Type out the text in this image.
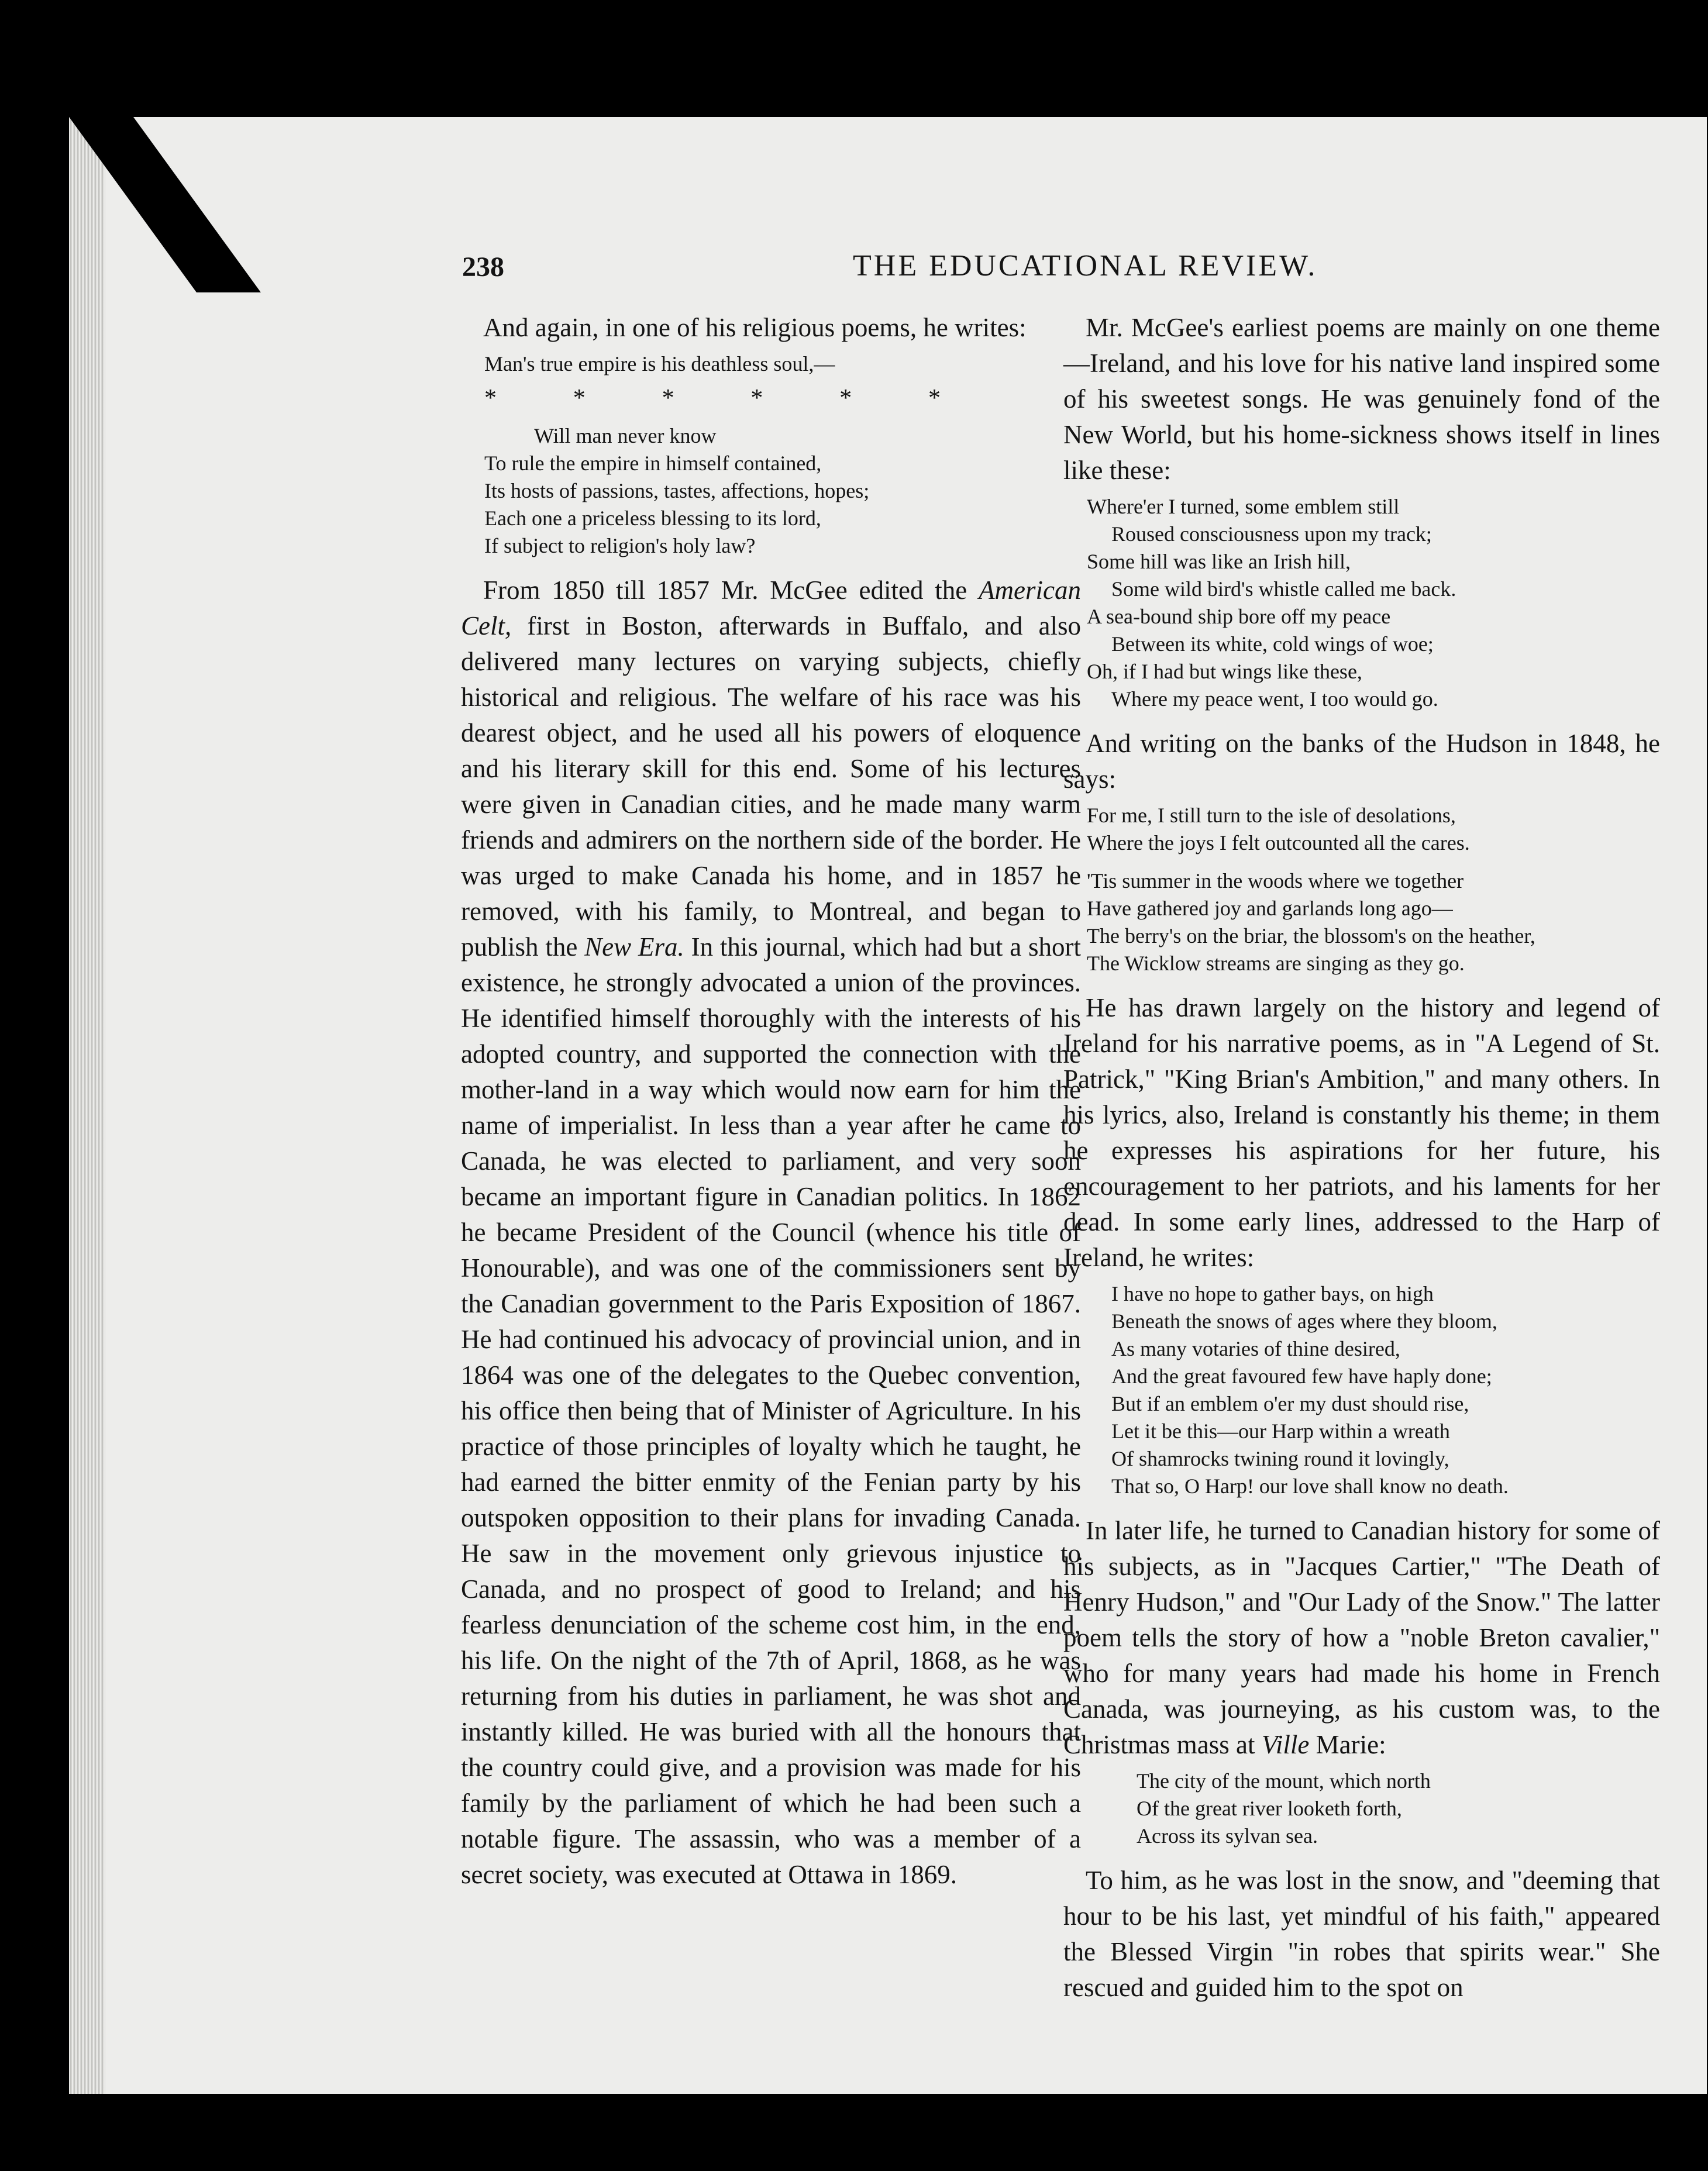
238	THE EDUCATIONAL REVIEW.

And again, in one of his religious poems, he writes:

Man's true empire is his deathless soul,—
*	*	*	*	*	*
Will man never know
To rule the empire in himself contained,
Its hosts of passions, tastes, affections, hopes;
Each one a priceless blessing to its lord,
If subject to religion's holy law?

From 1850 till 1857 Mr. McGee edited the American Celt, first in Boston, afterwards in Buffalo, and also delivered many lectures on varying subjects, chiefly historical and religious. The welfare of his race was his dearest object, and he used all his powers of eloquence and his literary skill for this end. Some of his lectures were given in Canadian cities, and he made many warm friends and admirers on the northern side of the border. He was urged to make Canada his home, and in 1857 he removed, with his family, to Montreal, and began to publish the New Era. In this journal, which had but a short existence, he strongly advocated a union of the provinces. He identified himself thoroughly with the interests of his adopted country, and supported the connection with the mother-land in a way which would now earn for him the name of imperialist. In less than a year after he came to Canada, he was elected to parliament, and very soon became an important figure in Canadian politics. In 1862 he became President of the Council (whence his title of Honourable), and was one of the commissioners sent by the Canadian government to the Paris Exposition of 1867. He had continued his advocacy of provincial union, and in 1864 was one of the delegates to the Quebec convention, his office then being that of Minister of Agriculture. In his practice of those principles of loyalty which he taught, he had earned the bitter enmity of the Fenian party by his outspoken opposition to their plans for invading Canada. He saw in the movement only grievous injustice to Canada, and no prospect of good to Ireland; and his fearless denunciation of the scheme cost him, in the end, his life. On the night of the 7th of April, 1868, as he was returning from his duties in parliament, he was shot and instantly killed. He was buried with all the honours that the country could give, and a provision was made for his family by the parliament of which he had been such a notable figure. The assassin, who was a member of a secret society, was executed at Ottawa in 1869.

Mr. McGee's earliest poems are mainly on one theme—Ireland, and his love for his native land inspired some of his sweetest songs. He was genuinely fond of the New World, but his home-sickness shows itself in lines like these:

Where'er I turned, some emblem still
Roused consciousness upon my track;
Some hill was like an Irish hill,
Some wild bird's whistle called me back.
A sea-bound ship bore off my peace
Between its white, cold wings of woe;
Oh, if I had but wings like these,
Where my peace went, I too would go.

And writing on the banks of the Hudson in 1848, he says:

For me, I still turn to the isle of desolations,
Where the joys I felt outcounted all the cares.
'Tis summer in the woods where we together
Have gathered joy and garlands long ago—
The berry's on the briar, the blossom's on the heather,
The Wicklow streams are singing as they go.

He has drawn largely on the history and legend of Ireland for his narrative poems, as in "A Legend of St. Patrick," "King Brian's Ambition," and many others. In his lyrics, also, Ireland is constantly his theme; in them he expresses his aspirations for her future, his encouragement to her patriots, and his laments for her dead. In some early lines, addressed to the Harp of Ireland, he writes:

I have no hope to gather bays, on high
Beneath the snows of ages where they bloom,
As many votaries of thine desired,
And the great favoured few have haply done;
But if an emblem o'er my dust should rise,
Let it be this—our Harp within a wreath
Of shamrocks twining round it lovingly,
That so, O Harp! our love shall know no death.

In later life, he turned to Canadian history for some of his subjects, as in "Jacques Cartier," "The Death of Henry Hudson," and "Our Lady of the Snow." The latter poem tells the story of how a "noble Breton cavalier," who for many years had made his home in French Canada, was journeying, as his custom was, to the Christmas mass at Ville Marie:

The city of the mount, which north
Of the great river looketh forth,
Across its sylvan sea.

To him, as he was lost in the snow, and "deeming that hour to be his last, yet mindful of his faith," appeared the Blessed Virgin "in robes that spirits wear." She rescued and guided him to the spot on
